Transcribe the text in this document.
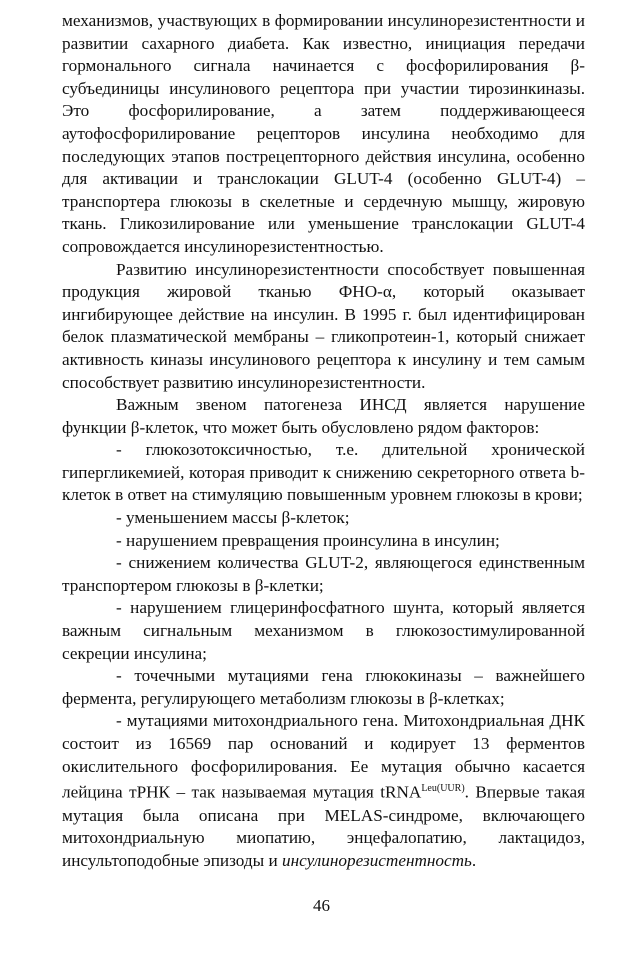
механизмов, участвующих в формировании инсулинорезистентности и развитии сахарного диабета. Как известно, инициация передачи гормонального сигнала начинается с фосфорилирования β-субъединицы инсулинового рецептора при участии тирозинкиназы. Это фосфорилирование, а затем поддерживающееся аутофосфорилирование рецепторов инсулина необходимо для последующих этапов пострецепторного действия инсулина, особенно для активации и транслокации GLUT-4 (особенно GLUT-4) – транспортера глюкозы в скелетные и сердечную мышцу, жировую ткань. Гликозилирование или уменьшение транслокации GLUT-4 сопровождается инсулинорезистентностью.

Развитию инсулинорезистентности способствует повышенная продукция жировой тканью ФНО-α, который оказывает ингибирующее действие на инсулин. В 1995 г. был идентифицирован белок плазматической мембраны – гликопротеин-1, который снижает активность киназы инсулинового рецептора к инсулину и тем самым способствует развитию инсулинорезистентности.

Важным звеном патогенеза ИНСД является нарушение функции β-клеток, что может быть обусловлено рядом факторов:

- глюкозотоксичностью, т.е. длительной хронической гипергликемией, которая приводит к снижению секреторного ответа b-клеток в ответ на стимуляцию повышенным уровнем глюкозы в крови;

- уменьшением массы β-клеток;

- нарушением превращения проинсулина в инсулин;

- снижением количества GLUT-2, являющегося единственным транспортером глюкозы в β-клетки;

- нарушением глицеринфосфатного шунта, который является важным сигнальным механизмом в глюкозостимулированной секреции инсулина;

- точечными мутациями гена глюкокиназы – важнейшего фермента, регулирующего метаболизм глюкозы в β-клетках;

- мутациями митохондриального гена. Митохондриальная ДНК состоит из 16569 пар оснований и кодирует 13 ферментов окислительного фосфорилирования. Ее мутация обычно касается лейцина тРНК – так называемая мутация tRNA$^{Leu(UUR)}$. Впервые такая мутация была описана при MELAS-синдроме, включающего митохондриальную миопатию, энцефалопатию, лактацидоз, инсультоподобные эпизоды и инсулинорезистентность.

46
